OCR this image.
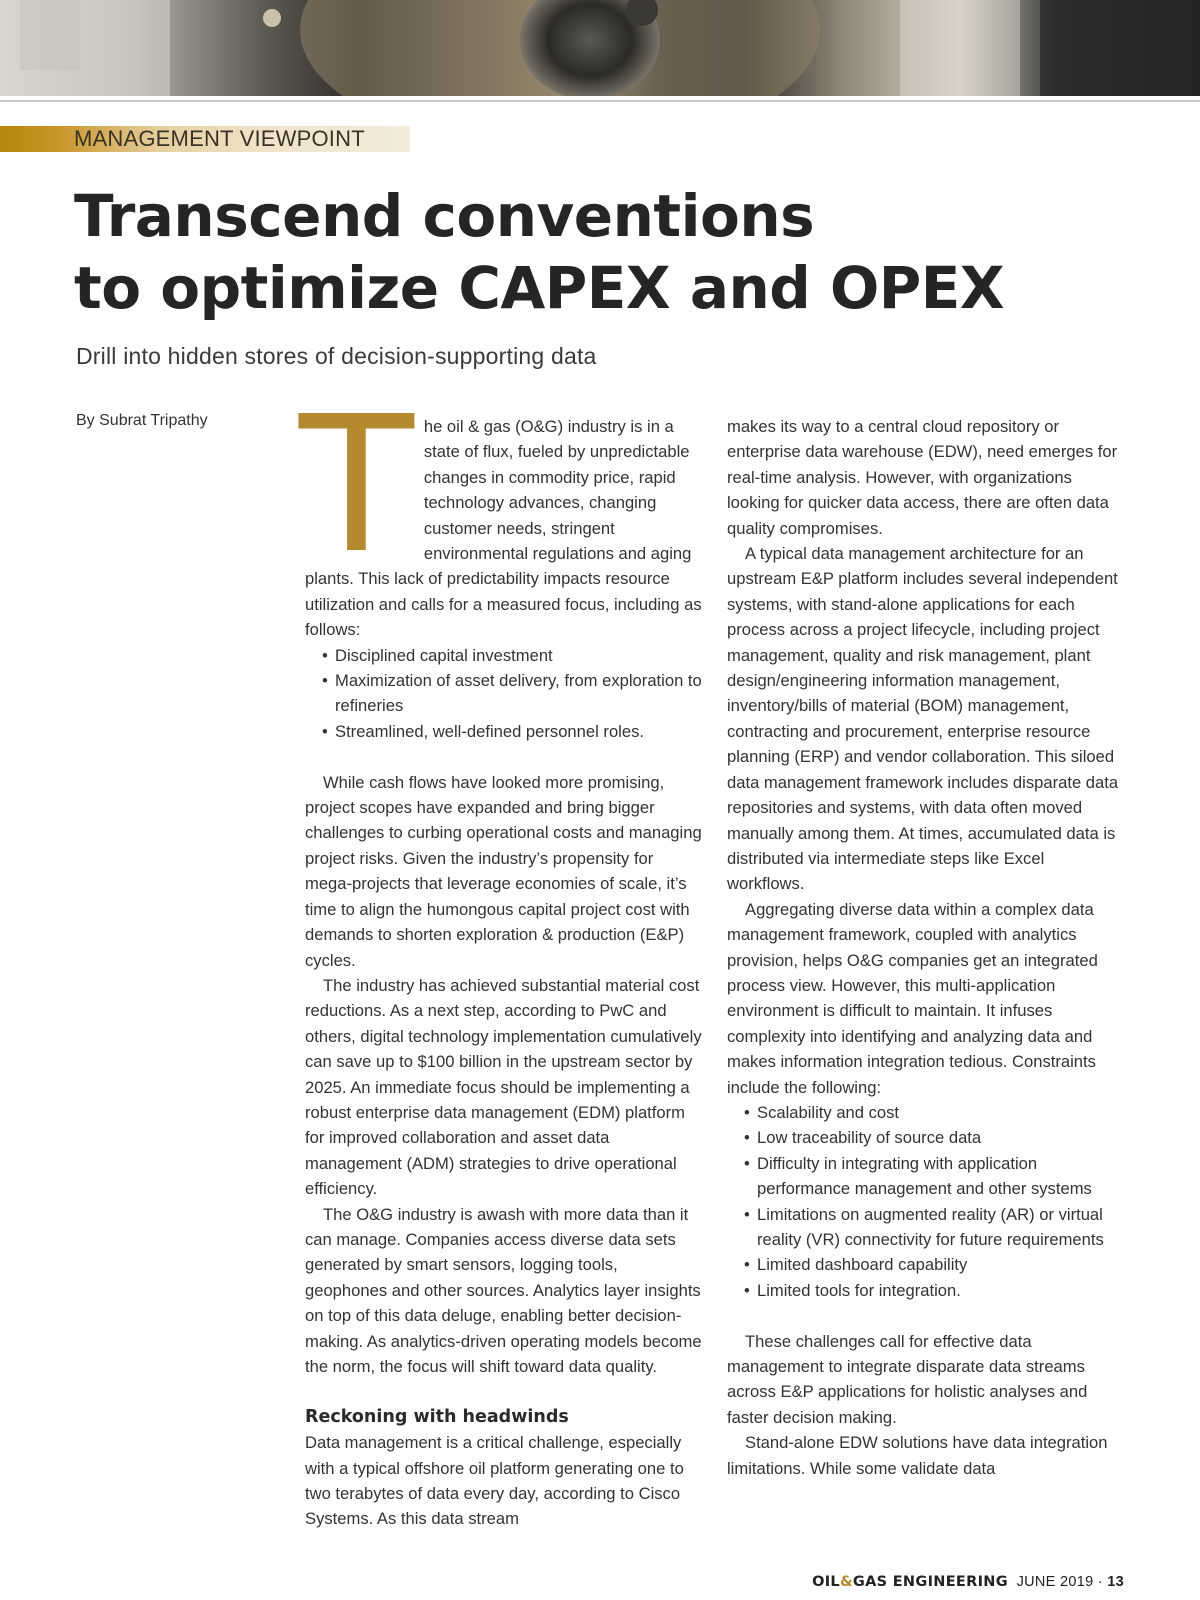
MANAGEMENT VIEWPOINT
Transcend conventions
to optimize CAPEX and OPEX

Drill into hidden stores of decision-supporting data

By Subrat Tripathy The oil & gas (O&G) industry is in a state of flux, fueled by unpredictable changes in commodity price, rapid technology advances, changing customer needs, stringent environmental regulations and aging plants. This lack of predictability impacts resource utilization and calls for a measured focus, including as follows:

• Disciplined capital investment
• Maximization of asset delivery, from exploration to refineries
• Streamlined, well-defined personnel roles.

While cash flows have looked more promising, project scopes have expanded and bring bigger challenges to curbing operational costs and managing project risks. Given the industry’s propensity for mega-projects that leverage economies of scale, it’s time to align the humongous capital project cost with demands to shorten exploration & production (E&P) cycles.

The industry has achieved substantial material cost reductions. As a next step, according to PwC and others, digital technology implementation cumulatively can save up to $100 billion in the upstream sector by 2025. An immediate focus should be implementing a robust enterprise data management (EDM) platform for improved collaboration and asset data management (ADM) strategies to drive operational efficiency.

The O&G industry is awash with more data than it can manage. Companies access diverse data sets generated by smart sensors, logging tools, geophones and other sources. Analytics layer insights on top of this data deluge, enabling better decision-making. As analytics-driven operating models become the norm, the focus will shift toward data quality.

Reckoning with headwinds

Data management is a critical challenge, especially with a typical offshore oil platform generating one to two terabytes of data every day, according to Cisco Systems. As this data stream

makes its way to a central cloud repository or enterprise data warehouse (EDW), need emerges for real-time analysis. However, with organizations looking for quicker data access, there are often data quality compromises.

A typical data management architecture for an upstream E&P platform includes several independent systems, with stand-alone applications for each process across a project lifecycle, including project management, quality and risk management, plant design/engineering information management, inventory/bills of material (BOM) management, contracting and procurement, enterprise resource planning (ERP) and vendor collaboration. This siloed data management framework includes disparate data repositories and systems, with data often moved manually among them. At times, accumulated data is distributed via intermediate steps like Excel workflows.

Aggregating diverse data within a complex data management framework, coupled with analytics provision, helps O&G companies get an integrated process view. However, this multi-application environment is difficult to maintain. It infuses complexity into identifying and analyzing data and makes information integration tedious. Constraints include the following:

• Scalability and cost
• Low traceability of source data
• Difficulty in integrating with application performance management and other systems
• Limitations on augmented reality (AR) or virtual reality (VR) connectivity for future requirements
• Limited dashboard capability
• Limited tools for integration.

These challenges call for effective data management to integrate disparate data streams across E&P applications for holistic analyses and faster decision making.

Stand-alone EDW solutions have data integration limitations. While some validate data

OIL&GAS ENGINEERING JUNE 2019 · 13
